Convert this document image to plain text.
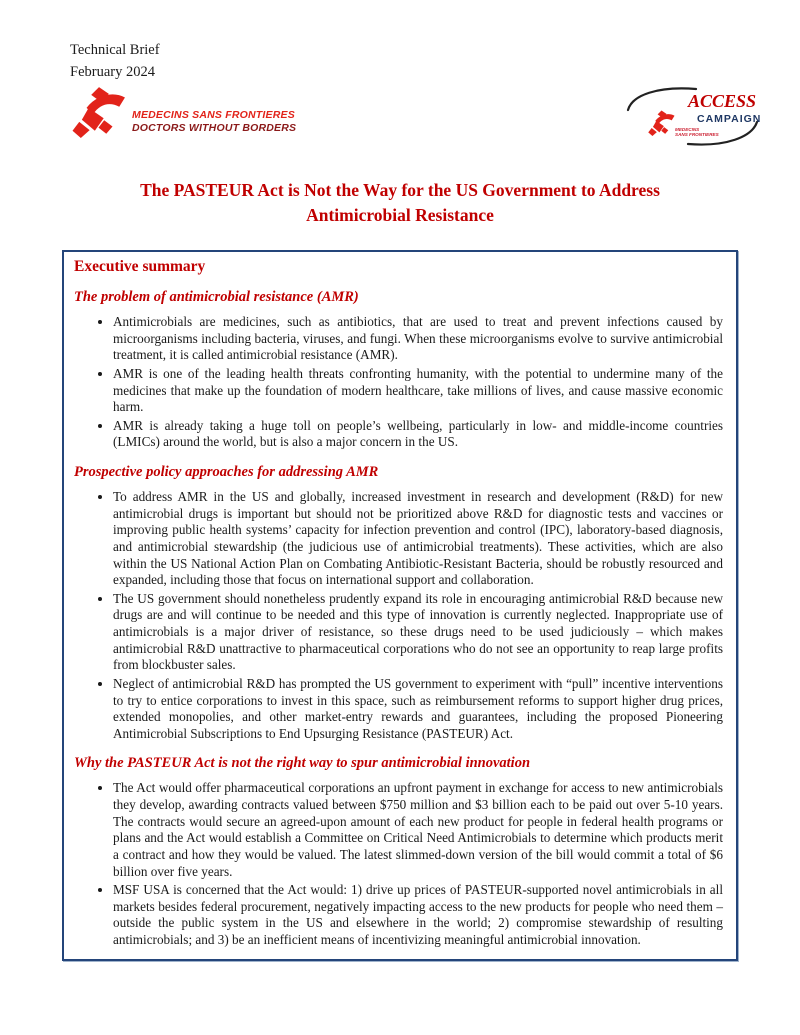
Technical Brief
February 2024
MEDECINS SANS FRONTIERES
DOCTORS WITHOUT BORDERS
ACCESS
CAMPAIGN
MEDECINS
SANS FRONTIERES
The PASTEUR Act is Not the Way for the US Government to Address Antimicrobial Resistance
Executive summary
The problem of antimicrobial resistance (AMR)
• Antimicrobials are medicines, such as antibiotics, that are used to treat and prevent infections caused by microorganisms including bacteria, viruses, and fungi. When these microorganisms evolve to survive antimicrobial treatment, it is called antimicrobial resistance (AMR).
• AMR is one of the leading health threats confronting humanity, with the potential to undermine many of the medicines that make up the foundation of modern healthcare, take millions of lives, and cause massive economic harm.
• AMR is already taking a huge toll on people’s wellbeing, particularly in low- and middle-income countries (LMICs) around the world, but is also a major concern in the US.
Prospective policy approaches for addressing AMR
• To address AMR in the US and globally, increased investment in research and development (R&D) for new antimicrobial drugs is important but should not be prioritized above R&D for diagnostic tests and vaccines or improving public health systems’ capacity for infection prevention and control (IPC), laboratory-based diagnosis, and antimicrobial stewardship (the judicious use of antimicrobial treatments). These activities, which are also within the US National Action Plan on Combating Antibiotic-Resistant Bacteria, should be robustly resourced and expanded, including those that focus on international support and collaboration.
• The US government should nonetheless prudently expand its role in encouraging antimicrobial R&D because new drugs are and will continue to be needed and this type of innovation is currently neglected. Inappropriate use of antimicrobials is a major driver of resistance, so these drugs need to be used judiciously – which makes antimicrobial R&D unattractive to pharmaceutical corporations who do not see an opportunity to reap large profits from blockbuster sales.
• Neglect of antimicrobial R&D has prompted the US government to experiment with “pull” incentive interventions to try to entice corporations to invest in this space, such as reimbursement reforms to support higher drug prices, extended monopolies, and other market-entry rewards and guarantees, including the proposed Pioneering Antimicrobial Subscriptions to End Upsurging Resistance (PASTEUR) Act.
Why the PASTEUR Act is not the right way to spur antimicrobial innovation
• The Act would offer pharmaceutical corporations an upfront payment in exchange for access to new antimicrobials they develop, awarding contracts valued between $750 million and $3 billion each to be paid out over 5-10 years. The contracts would secure an agreed-upon amount of each new product for people in federal health programs or plans and the Act would establish a Committee on Critical Need Antimicrobials to determine which products merit a contract and how they would be valued. The latest slimmed-down version of the bill would commit a total of $6 billion over five years.
• MSF USA is concerned that the Act would: 1) drive up prices of PASTEUR-supported novel antimicrobials in all markets besides federal procurement, negatively impacting access to the new products for people who need them – outside the public system in the US and elsewhere in the world; 2) compromise stewardship of resulting antimicrobials; and 3) be an inefficient means of incentivizing meaningful antimicrobial innovation.
